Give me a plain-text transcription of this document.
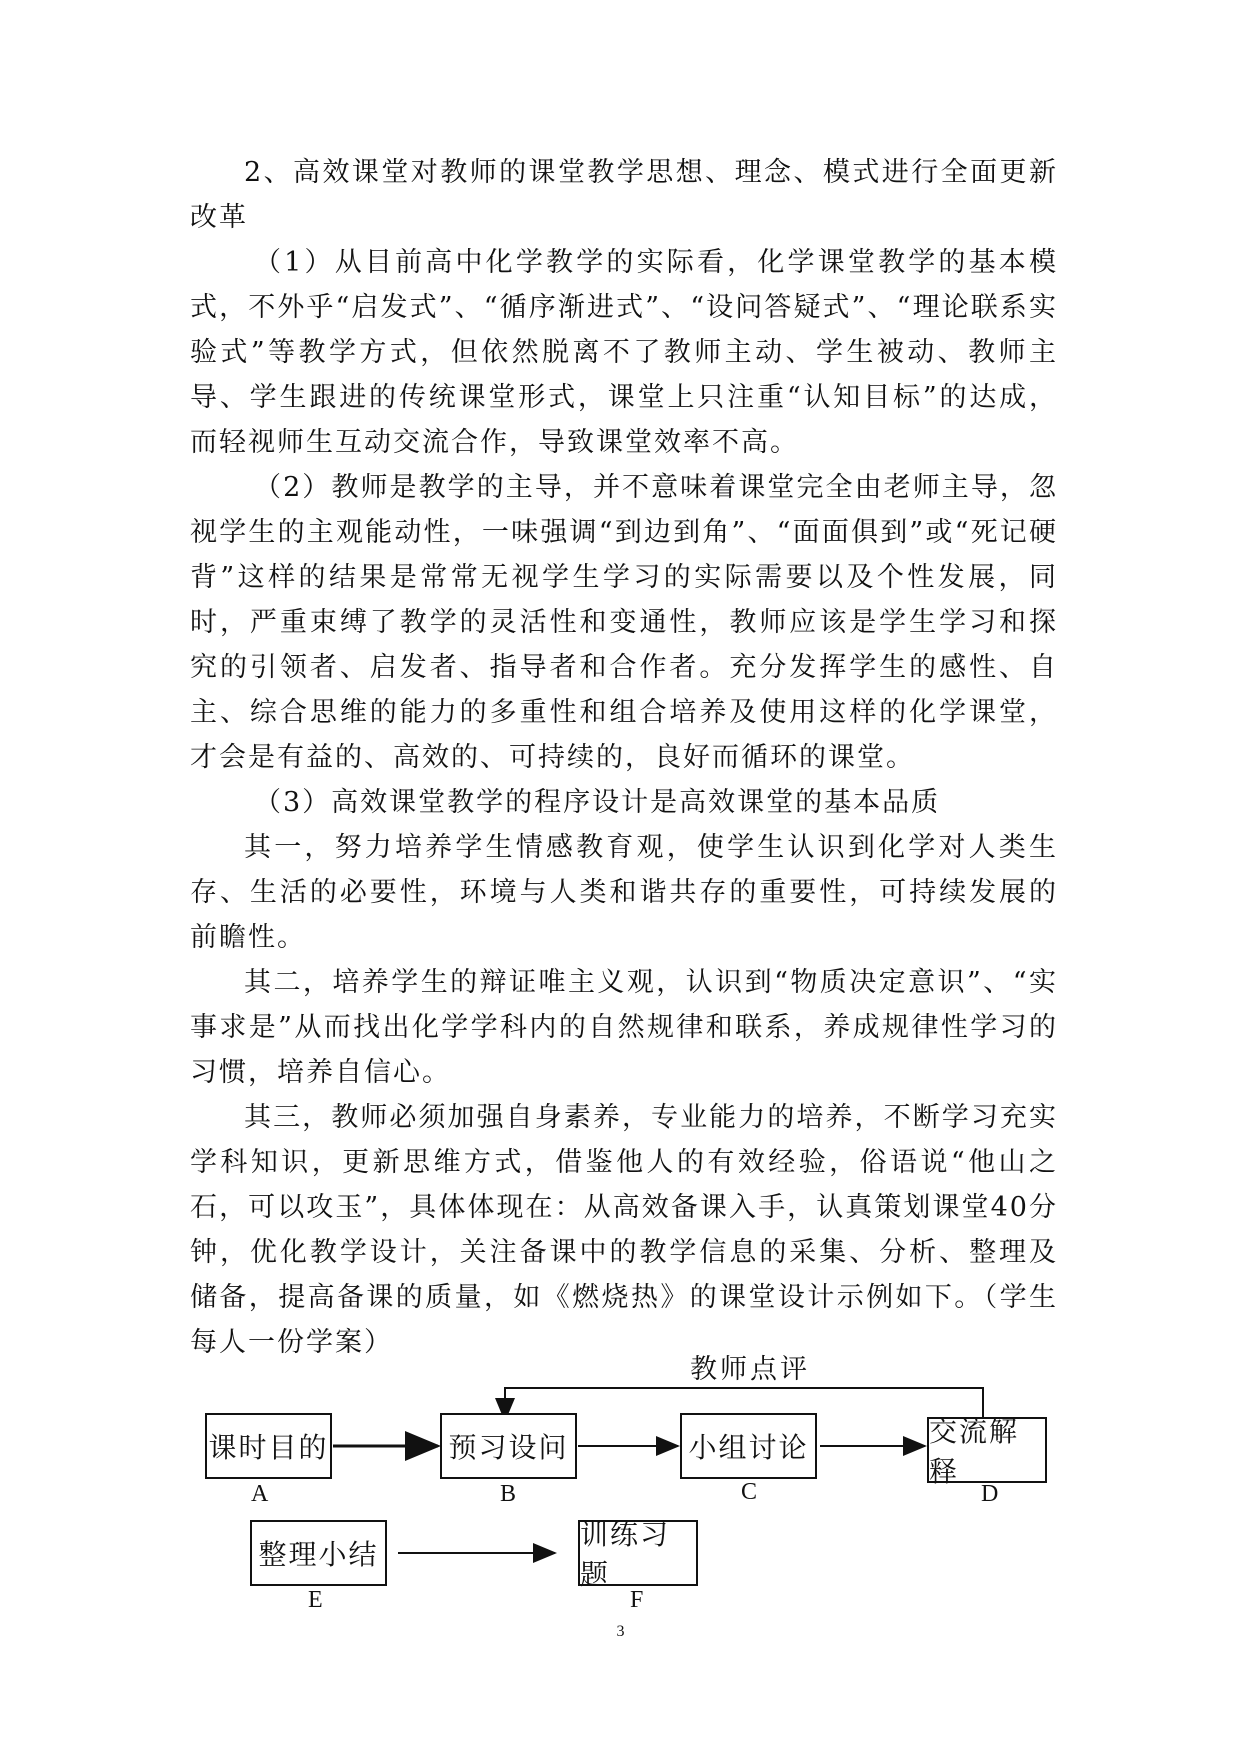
2、高效课堂对教师的课堂教学思想、理念、模式进行全面更新改革

（1）从目前高中化学教学的实际看，化学课堂教学的基本模式，不外乎“启发式”、“循序渐进式”、“设问答疑式”、“理论联系实验式”等教学方式，但依然脱离不了教师主动、学生被动、教师主导、学生跟进的传统课堂形式，课堂上只注重“认知目标”的达成，而轻视师生互动交流合作，导致课堂效率不高。

（2）教师是教学的主导，并不意味着课堂完全由老师主导，忽视学生的主观能动性，一味强调“到边到角”、“面面俱到”或“死记硬背”这样的结果是常常无视学生学习的实际需要以及个性发展，同时，严重束缚了教学的灵活性和变通性，教师应该是学生学习和探究的引领者、启发者、指导者和合作者。充分发挥学生的感性、自主、综合思维的能力的多重性和组合培养及使用这样的化学课堂，才会是有益的、高效的、可持续的，良好而循环的课堂。

（3）高效课堂教学的程序设计是高效课堂的基本品质

其一，努力培养学生情感教育观，使学生认识到化学对人类生存、生活的必要性，环境与人类和谐共存的重要性，可持续发展的前瞻性。

其二，培养学生的辩证唯主义观，认识到“物质决定意识”、“实事求是”从而找出化学学科内的自然规律和联系，养成规律性学习的习惯，培养自信心。

其三，教师必须加强自身素养，专业能力的培养，不断学习充实学科知识，更新思维方式，借鉴他人的有效经验，俗语说“他山之石，可以攻玉”，具体体现在：从高效备课入手，认真策划课堂40分钟，优化教学设计，关注备课中的教学信息的采集、分析、整理及储备，提高备课的质量，如《燃烧热》的课堂设计示例如下。（学生每人一份学案）

教师点评
课时目的
A
预习设问
B
小组讨论
C
交流解释
D
整理小结
E
训练习题
F
3
